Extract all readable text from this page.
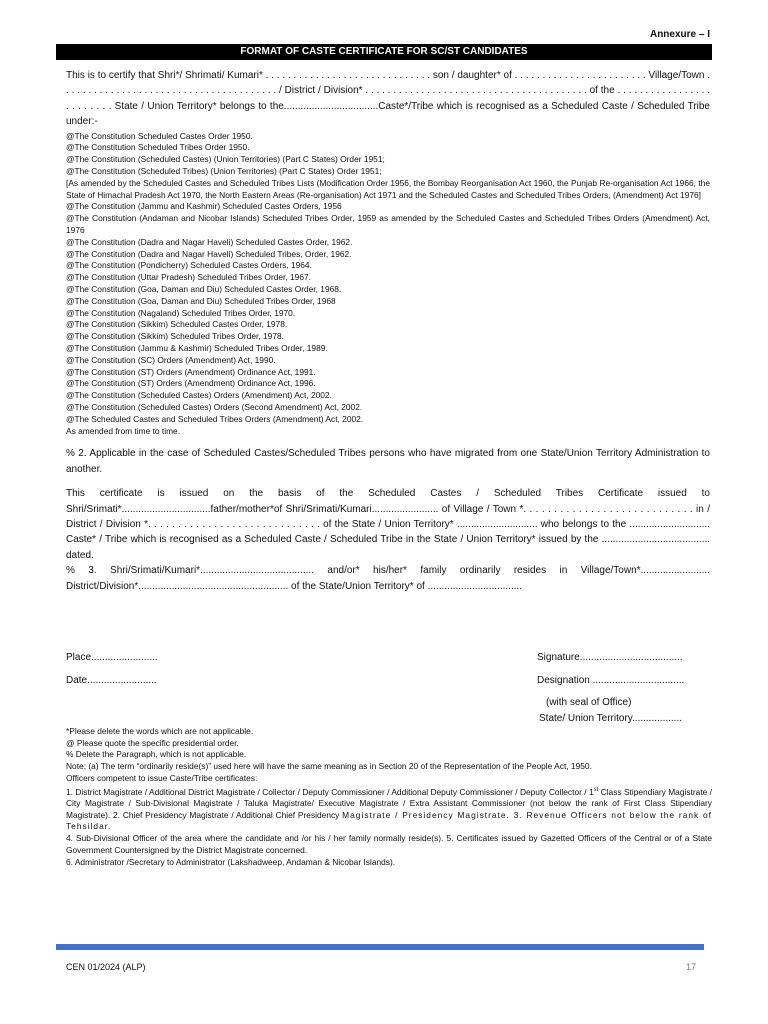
Annexure – I
FORMAT OF CASTE CERTIFICATE FOR SC/ST CANDIDATES

This is to certify that Shri*/ Shrimati/ Kumari* . . . . . . . . . . . . . . . . . . . . . . . . . . . . . . son / daughter* of . . . . . . . . . . . . . . . . . . . . . . . . Village/Town . . . . . . . . . . . . . . . . . . . . . . . . . . . . . . . . . . . . . . . / District / Division* . . . . . . . . . . . . . . . . . . . . . . . . . . . . . . . . . . . . . . . . of the . . . . . . . . . . . . . . . . . . . . . . . . . State / Union Territory* belongs to the..................................Caste*/Tribe which is recognised as a Scheduled Caste / Scheduled Tribe under:-

@The Constitution Scheduled Castes Order 1950.
@The Constitution Scheduled Tribes Order 1950.
@The Constitution (Scheduled Castes) (Union Territories) (Part C States) Order 1951;
@The Constitution (Scheduled Tribes) (Union Territories) (Part C States) Order 1951;
[As amended by the Scheduled Castes and Scheduled Tribes Lists (Modification Order 1956, the Bombay Reorganisation Act 1960, the Punjab Re-organisation Act 1966, the State of Himachal Pradesh Act 1970, the North Eastern Areas (Re-organisation) Act 1971 and the Scheduled Castes and Scheduled Tribes Orders, (Amendment) Act 1976]
@The Constitution (Jammu and Kashmir) Scheduled Castes Orders, 1956
@The Constitution (Andaman and Nicobar Islands) Scheduled Tribes Order, 1959 as amended by the Scheduled Castes and Scheduled Tribes Orders (Amendment) Act, 1976
@The Constitution (Dadra and Nagar Haveli) Scheduled Castes Order, 1962.
@The Constitution (Dadra and Nagar Haveli) Scheduled Tribes, Order, 1962.
@The Constitution (Pondicherry) Scheduled Castes Orders, 1964.
@The Constitution (Uttar Pradesh) Scheduled Tribes Order, 1967.
@The Constitution (Goa, Daman and Diu) Scheduled Castes Order, 1968.
@The Constitution (Goa, Daman and Diu) Scheduled Tribes Order, 1968
@The Constitution (Nagaland) Scheduled Tribes Order, 1970.
@The Constitution (Sikkim) Scheduled Castes Order, 1978.
@The Constitution (Sikkim) Scheduled Tribes Order, 1978.
@The Constitution (Jammu & Kashmir) Scheduled Tribes Order, 1989.
@The Constitution (SC) Orders (Amendment) Act, 1990.
@The Constitution (ST) Orders (Amendment) Ordinance Act, 1991.
@The Constitution (ST) Orders (Amendment) Ordinance Act, 1996.
@The Constitution (Scheduled Castes) Orders (Amendment) Act, 2002.
@The Constitution (Scheduled Castes) Orders (Second Amendment) Act, 2002.
@The Scheduled Castes and Scheduled Tribes Orders (Amendment) Act, 2002.
As amended from time to time.

% 2. Applicable in the case of Scheduled Castes/Scheduled Tribes persons who have migrated from one State/Union Territory Administration to another.

This certificate is issued on the basis of the Scheduled Castes / Scheduled Tribes Certificate issued to Shri/Srimati*................................father/mother*of Shri/Srimati/Kumari........................ of Village / Town *. . . . . . . . . . . . . . . . . . . . . . . . . . . . in / District / Division *. . . . . . . . . . . . . . . . . . . . . . . . . . . . . of the State / Union Territory* ............................. who belongs to the ............................. Caste* / Tribe which is recognised as a Scheduled Caste / Scheduled Tribe in the State / Union Territory* issued by the ....................................... dated.

% 3. Shri/Srimati/Kumari*......................................... and/or* his/her* family ordinarily resides in Village/Town*......................... District/Division*...................................................... of the State/Union Territory* of ..................................

Place........................	Signature.....................................
Date.........................	Designation .................................
(with seal of Office)
State/ Union Territory..................
*Please delete the words which are not applicable.
@ Please quote the specific presidential order.
% Delete the Paragraph, which is not applicable.
Note: (a) The term “ordinarily reside(s)” used here will have the same meaning as in Section 20 of the Representation of the People Act, 1950.
Officers competent to issue Caste/Tribe certificates:
1. District Magistrate / Additional District Magistrate / Collector / Deputy Commissioner / Additional Deputy Commissioner / Deputy Collector / 1st Class Stipendiary Magistrate / City Magistrate / Sub-Divisional Magistrate / Taluka Magistrate/ Executive Magistrate / Extra Assistant Commissioner (not below the rank of First Class Stipendiary Magistrate). 2. Chief Presidency Magistrate / Additional Chief Presidency Magistrate / Presidency Magistrate. 3. Revenue Officers not below the rank of Tehsildar.
4. Sub-Divisional Officer of the area where the candidate and /or his / her family normally reside(s). 5. Certificates issued by Gazetted Officers of the Central or of a State Government Countersigned by the District Magistrate concerned.
6. Administrator /Secretary to Administrator (Lakshadweep, Andaman & Nicobar Islands).
CEN 01/2024 (ALP)	17
